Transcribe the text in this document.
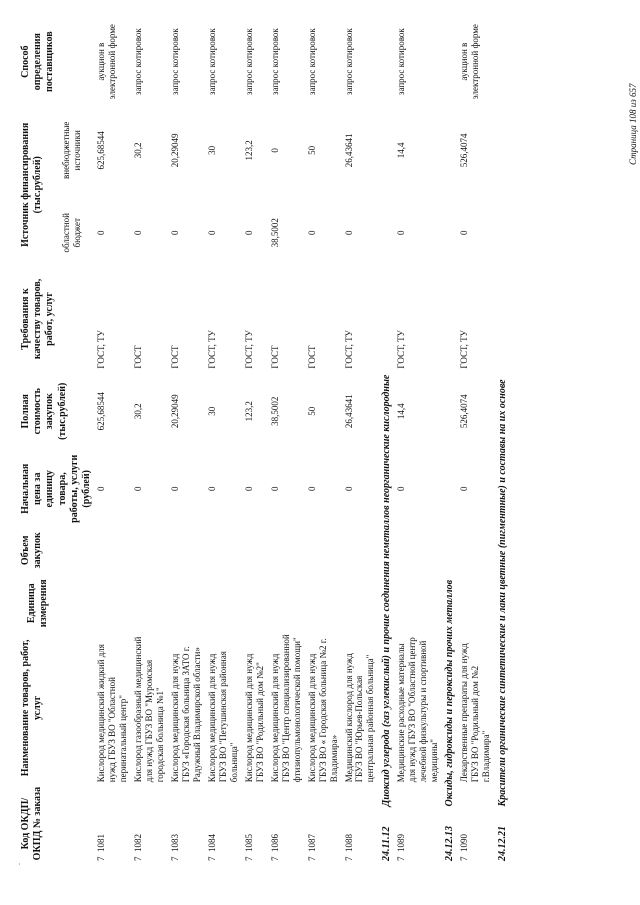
Код ОКДП/ ОКПД № заказа	Наименование товаров, работ, услуг	Единица измерения	Объем закупок	Начальная цена за единицу товара, работы, услуги (рублей)	Полная стоимость закупок (тыс.рублей)	Требования к качеству товаров, работ, услуг	Источник финансирования (тыс.рублей)		Способ определения поставщиков
							областной бюджет	внебюджетные источники	
7  1081	Кислород медицинский жидкий для нужд ГБУЗ ВО "Областной перинатальный центр"			0	625,68544	ГОСТ, ТУ	0	625,68544	аукцион в электронной форме
7  1082	Кислород газообразный медицинский для нужд ГБУЗ ВО "Муромская городская больница №1"			0	30,2	ГОСТ	0	30,2	запрос котировок
7  1083	Кислород медицинский для нужд ГБУЗ «Городская больница ЗАТО г. Радужный Владимирской области»			0	20,29049	ГОСТ	0	20,29049	запрос котировок
7  1084	Кислород медицинский для нужд ГБУЗ ВО "Петушинская районная больница"			0	30	ГОСТ, ТУ	0	30	запрос котировок
7  1085	Кислород медицинский для нужд ГБУЗ ВО "Родильный дом №2"			0	123,2	ГОСТ, ТУ	0	123,2	запрос котировок
7  1086	Кислород медицинский для нужд ГБУЗ ВО "Центр специализированной фтизиопульмонологической помощи"			0	38,5002	ГОСТ	38,5002	0	запрос котировок
7  1087	Кислород медицинский для нужд ГБУЗ ВО « Городская больница №2 г. Владимира»			0	50	ГОСТ	0	50	запрос котировок
7  1088	Медицинский кислород для нужд ГБУЗ ВО "Юрьев-Польская центральная районная больница"			0	26,43641	ГОСТ, ТУ	0	26,43641	запрос котировок
24.11.12 Диоксид углерода (газ углекислый) и прочие соединения неметаллов неорганические кислородные									
7  1089	Медицинские расходные материалы для нужд ГБУЗ ВО "Областной центр лечебной физкультуры и спортивной медицины"			0	14,4	ГОСТ, ТУ	0	14,4	запрос котировок
24.12.13 Оксиды, гидроксиды и пероксиды прочих металлов									
7  1090	Лекарственные препараты для нужд ГБУЗ ВО "Родильный дом №2 г.Владимира"			0	526,4074	ГОСТ, ТУ	0	526,4074	аукцион в электронной форме
24.12.21 Красители органические синтетические и лаки цветные (пигментные) и составы на их основе									
Страница 108 из 657
·
